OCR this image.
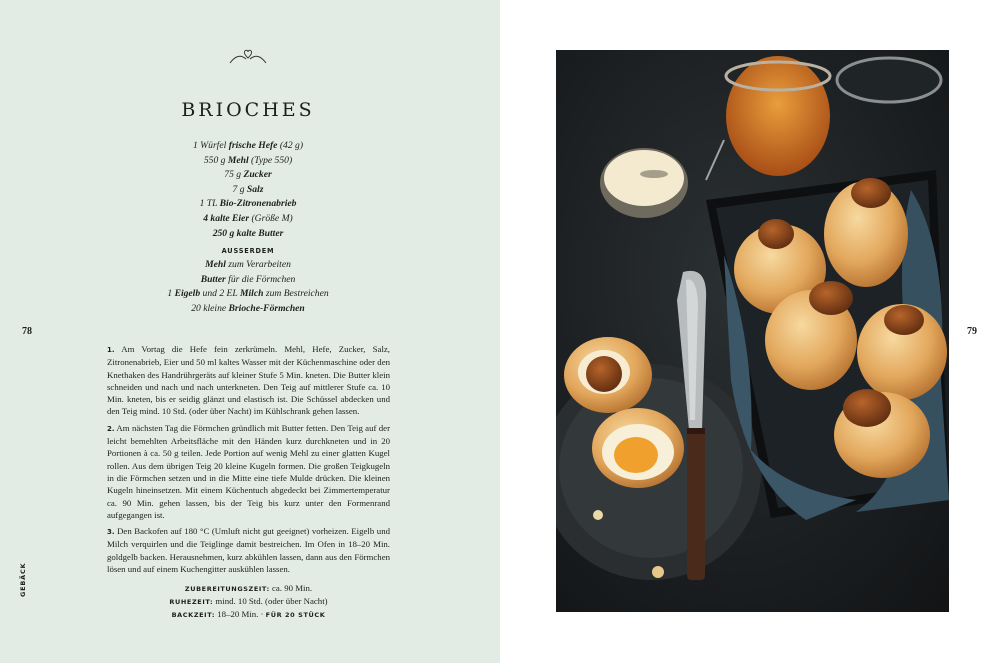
BRIOCHES
1 Würfel frische Hefe (42 g)
550 g Mehl (Type 550)
75 g Zucker
7 g Salz
1 TL Bio-Zitronenabrieb
4 kalte Eier (Größe M)
250 g kalte Butter
AUSSERDEM
Mehl zum Verarbeiten
Butter für die Förmchen
1 Eigelb und 2 EL Milch zum Bestreichen
20 kleine Brioche-Förmchen
78

1. Am Vortag die Hefe fein zerkrümeln. Mehl, Hefe, Zucker, Salz, Zitronenabrieb, Eier und 50 ml kaltes Wasser mit der Küchenmaschine oder den Knethaken des Handrührgeräts auf kleiner Stufe 5 Min. kneten. Die Butter klein schneiden und nach und nach unterkneten. Den Teig auf mittlerer Stufe ca. 10 Min. kneten, bis er seidig glänzt und elastisch ist. Die Schüssel abdecken und den Teig mind. 10 Std. (oder über Nacht) im Kühlschrank gehen lassen.

2. Am nächsten Tag die Förmchen gründlich mit Butter fetten. Den Teig auf der leicht bemehlten Arbeitsfläche mit den Händen kurz durchkneten und in 20 Portionen à ca. 50 g teilen. Jede Portion auf wenig Mehl zu einer glatten Kugel rollen. Aus dem übrigen Teig 20 kleine Kugeln formen. Die großen Teigkugeln in die Förmchen setzen und in die Mitte eine tiefe Mulde drücken. Die kleinen Kugeln hineinsetzen. Mit einem Küchentuch abgedeckt bei Zimmertemperatur ca. 90 Min. gehen lassen, bis der Teig bis kurz unter den Formenrand aufgegangen ist.

3. Den Backofen auf 180 °C (Umluft nicht gut geeignet) vorheizen. Eigelb und Milch verquirlen und die Teiglinge damit bestreichen. Im Ofen in 18–20 Min. goldgelb backen. Herausnehmen, kurz abkühlen lassen, dann aus den Förmchen lösen und auf einem Kuchengitter auskühlen lassen.

ZUBEREITUNGSZEIT: ca. 90 Min.
RUHEZEIT: mind. 10 Std. (oder über Nacht)
BACKZEIT: 18–20 Min. · FÜR 20 STÜCK
GEBÄCK
79
